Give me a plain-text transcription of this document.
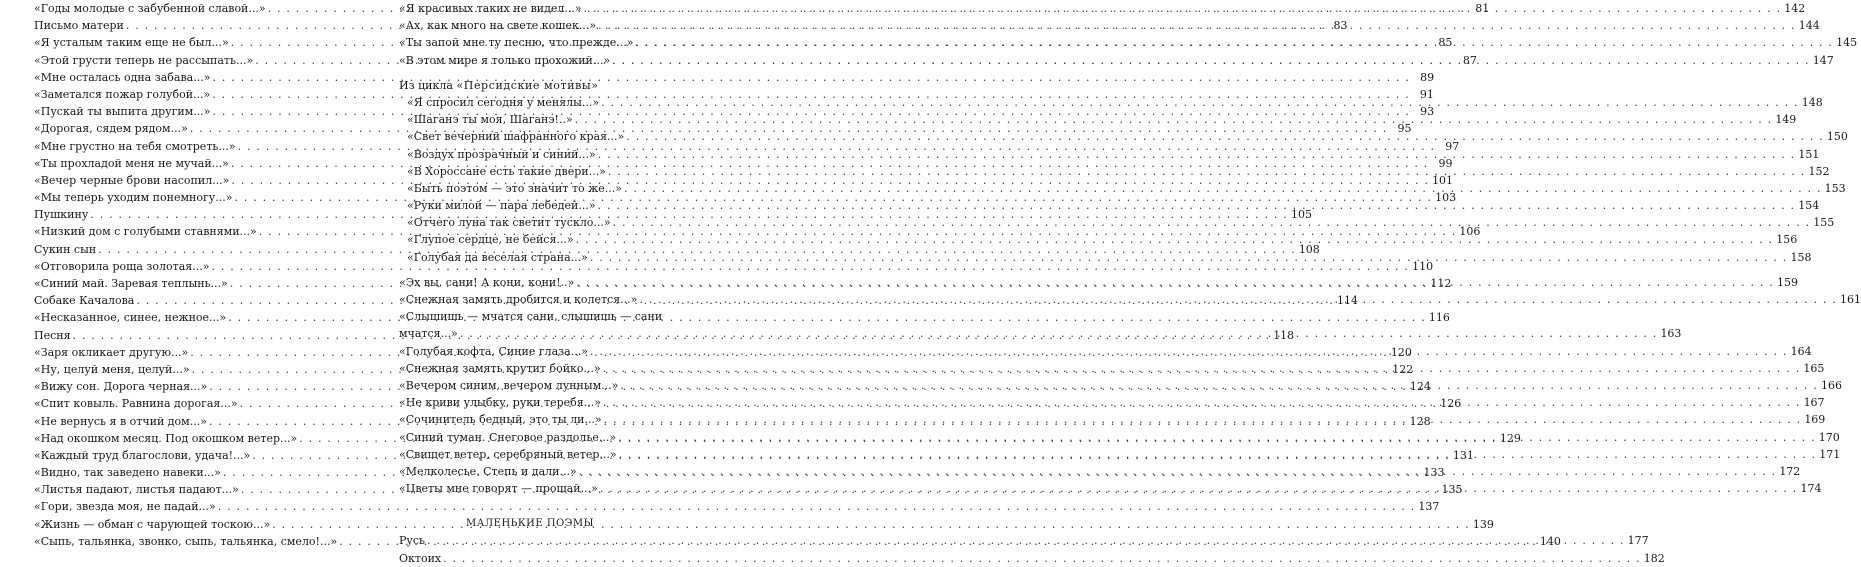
«Годы молодые с забубенной славой...» . . .	81
Письмо матери . . .	83
«Я усталым таким еще не был...» . . .	85
«Этой грусти теперь не рассыпать...» . . .	87
«Мне осталась одна забава...» . . .	89
«Заметался пожар голубой...» . . .	91
«Пускай ты выпита другим...» . . .	93
«Дорогая, сядем рядом...» . . .	95
«Мне грустно на тебя смотреть...» . . .	97
«Ты прохладой меня не мучай...» . . .	99
«Вечер черные брови насопил...» . . .	101
«Мы теперь уходим понемногу...» . . .	103
Пушкину . . .	105
«Низкий дом с голубыми ставнями...» . . .	106
Сукин сын . . .	108
«Отговорила роща золотая...» . . .	110
«Синий май. Заревая теплынь...» . . .	112
Собаке Качалова . . .	114
«Несказанное, синее, нежное...» . . .	116
Песня . . .	118
«Заря окликает другую...» . . .	120
«Ну, целуй меня, целуй...» . . .	122
«Вижу сон. Дорога черная...» . . .	124
«Спит ковыль. Равнина дорогая...» . . .	126
«Не вернусь я в отчий дом...» . . .	128
«Над окошком месяц. Под окошком ветер...» . . .	129
«Каждый труд благослови, удача!...» . . .	131
«Видно, так заведено навеки...» . . .	133
«Листья падают, листья падают...» . . .	135
«Гори, звезда моя, не падай...» . . .	137
«Жизнь — обман с чарующей тоскою...» . . .	139
«Сыпь, тальянка, звонко, сыпь, тальянка, смело!...» . . .	140
«Я красивых таких не видел...» . . .	142
«Ах, как много на свете кошек...» . . .	144
«Ты запой мне ту песню, что прежде...» . . .	145
«В этом мире я только прохожий...» . . .	147
Из цикла «Персидские мотивы»
«Я спросил сегодня у менялы...» . . .	148
«Шаганэ ты моя, Шаганэ!..» . . .	149
«Свет вечерний шафранного края...» . . .	150
«Воздух прозрачный и синий...» . . .	151
«В Хороссане есть такие двери...» . . .	152
«Быть поэтом — это значит то же...» . . .	153
«Руки милой — пара лебедей...» . . .	154
«Отчего луна так светит тускло...» . . .	155
«Глупое сердце, не бейся...» . . .	156
«Голубая да веселая страна...» . . .	158
«Эх вы, сани! А кони, кони!..» . . .	159
«Снежная замять дробится и колется...» . . .	161
«Слышишь — мчатся сани, слышишь — сани
мчатся...» . . .	163
«Голубая кофта. Синие глаза...» . . .	164
«Снежная замять крутит бойко...» . . .	165
«Вечером синим, вечером лунным...» . . .	166
«Не криви улыбку, руки теребя...» . . .	167
«Сочинитель бедный, это ты ли...» . . .	169
«Синий туман. Снеговое раздолье...» . . .	170
«Свищет ветер, серебряный ветер...» . . .	171
«Мелколесье. Степь и дали...» . . .	172
«Цветы мне говорят — прощай...» . . .	174
МАЛЕНЬКИЕ ПОЭМЫ
Русь . . .	177
Октоих . . .	182
